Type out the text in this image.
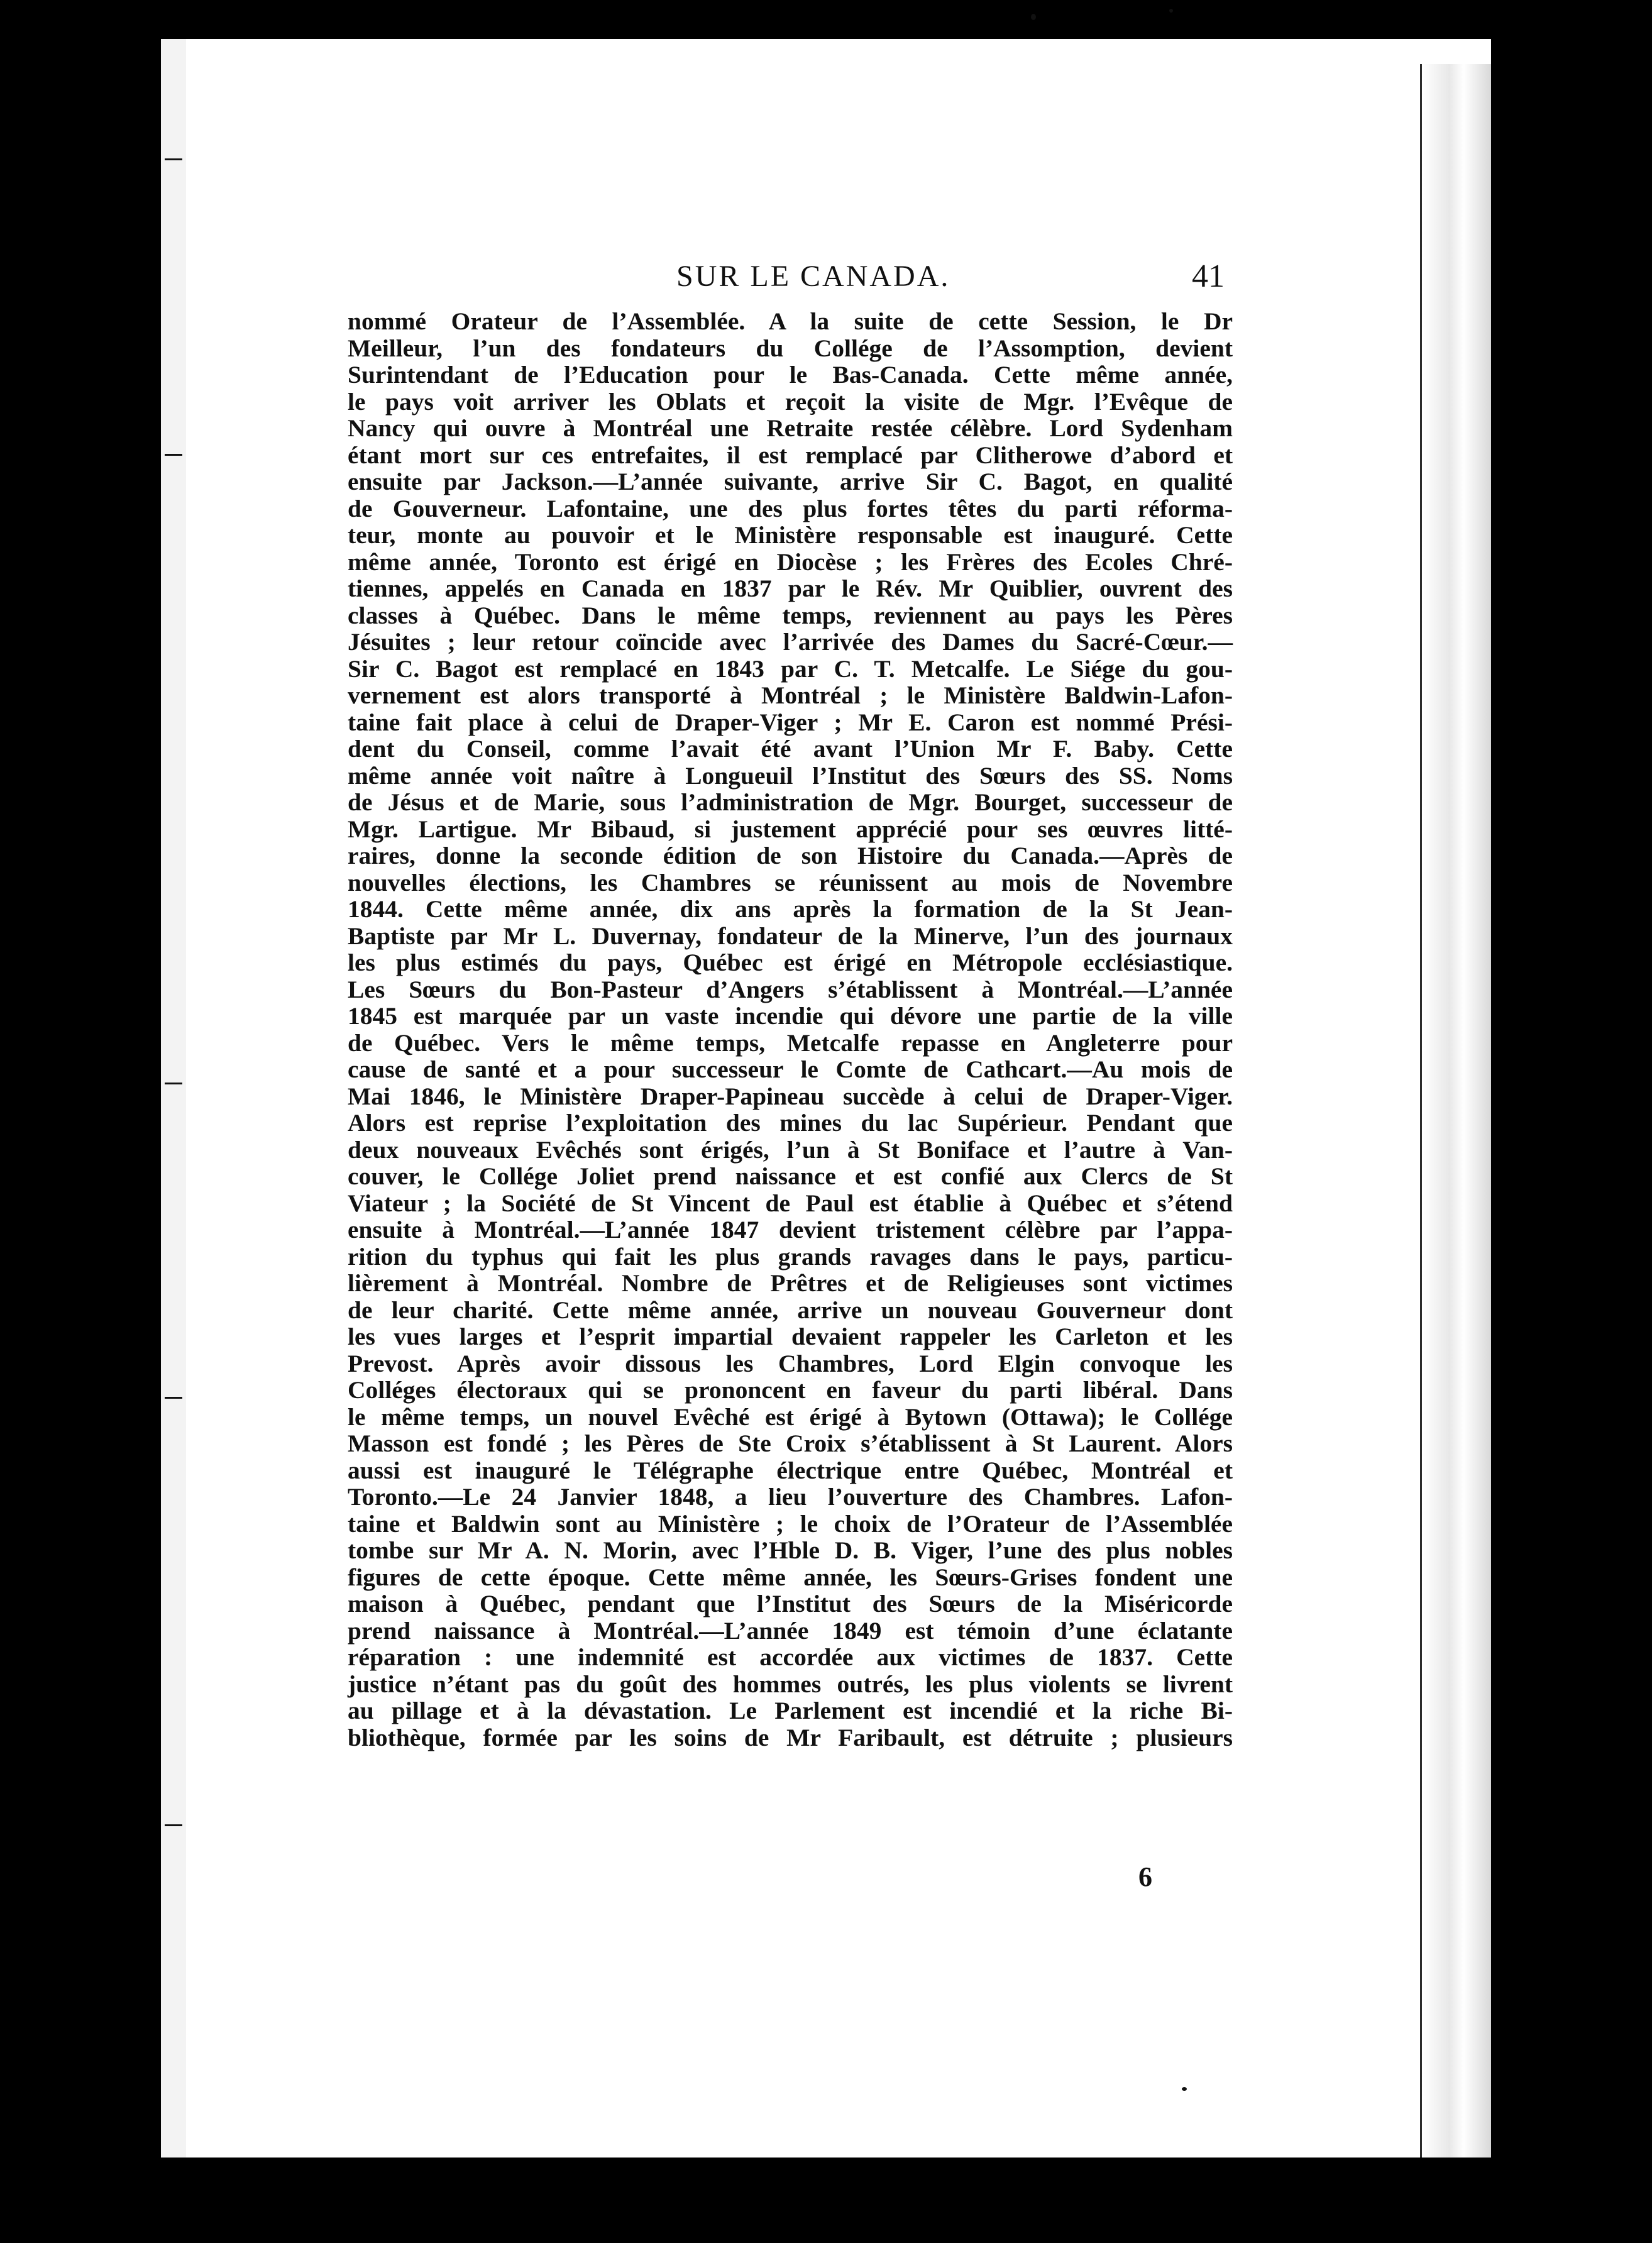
SUR LE CANADA.	41
nommé Orateur de l’Assemblée. A la suite de cette Session, le Dr
Meilleur, l’un des fondateurs du Collége de l’Assomption, devient
Surintendant de l’Education pour le Bas-Canada. Cette même année,
le pays voit arriver les Oblats et reçoit la visite de Mgr. l’Evêque de
Nancy qui ouvre à Montréal une Retraite restée célèbre. Lord Sydenham
étant mort sur ces entrefaites, il est remplacé par Clitherowe d’abord et
ensuite par Jackson.—L’année suivante, arrive Sir C. Bagot, en qualité
de Gouverneur. Lafontaine, une des plus fortes têtes du parti réforma-
teur, monte au pouvoir et le Ministère responsable est inauguré. Cette
même année, Toronto est érigé en Diocèse ; les Frères des Ecoles Chré-
tiennes, appelés en Canada en 1837 par le Rév. Mr Quiblier, ouvrent des
classes à Québec. Dans le même temps, reviennent au pays les Pères
Jésuites ; leur retour coïncide avec l’arrivée des Dames du Sacré-Cœur.—
Sir C. Bagot est remplacé en 1843 par C. T. Metcalfe. Le Siége du gou-
vernement est alors transporté à Montréal ; le Ministère Baldwin-Lafon-
taine fait place à celui de Draper-Viger ; Mr E. Caron est nommé Prési-
dent du Conseil, comme l’avait été avant l’Union Mr F. Baby. Cette
même année voit naître à Longueuil l’Institut des Sœurs des SS. Noms
de Jésus et de Marie, sous l’administration de Mgr. Bourget, successeur de
Mgr. Lartigue. Mr Bibaud, si justement apprécié pour ses œuvres litté-
raires, donne la seconde édition de son Histoire du Canada.—Après de
nouvelles élections, les Chambres se réunissent au mois de Novembre
1844. Cette même année, dix ans après la formation de la St Jean-
Baptiste par Mr L. Duvernay, fondateur de la Minerve, l’un des journaux
les plus estimés du pays, Québec est érigé en Métropole ecclésiastique.
Les Sœurs du Bon-Pasteur d’Angers s’établissent à Montréal.—L’année
1845 est marquée par un vaste incendie qui dévore une partie de la ville
de Québec. Vers le même temps, Metcalfe repasse en Angleterre pour
cause de santé et a pour successeur le Comte de Cathcart.—Au mois de
Mai 1846, le Ministère Draper-Papineau succède à celui de Draper-Viger.
Alors est reprise l’exploitation des mines du lac Supérieur. Pendant que
deux nouveaux Evêchés sont érigés, l’un à St Boniface et l’autre à Van-
couver, le Collége Joliet prend naissance et est confié aux Clercs de St
Viateur ; la Société de St Vincent de Paul est établie à Québec et s’étend
ensuite à Montréal.—L’année 1847 devient tristement célèbre par l’appa-
rition du typhus qui fait les plus grands ravages dans le pays, particu-
lièrement à Montréal. Nombre de Prêtres et de Religieuses sont victimes
de leur charité. Cette même année, arrive un nouveau Gouverneur dont
les vues larges et l’esprit impartial devaient rappeler les Carleton et les
Prevost. Après avoir dissous les Chambres, Lord Elgin convoque les
Colléges électoraux qui se prononcent en faveur du parti libéral. Dans
le même temps, un nouvel Evêché est érigé à Bytown (Ottawa); le Collége
Masson est fondé ; les Pères de Ste Croix s’établissent à St Laurent. Alors
aussi est inauguré le Télégraphe électrique entre Québec, Montréal et
Toronto.—Le 24 Janvier 1848, a lieu l’ouverture des Chambres. Lafon-
taine et Baldwin sont au Ministère ; le choix de l’Orateur de l’Assemblée
tombe sur Mr A. N. Morin, avec l’Hble D. B. Viger, l’une des plus nobles
figures de cette époque. Cette même année, les Sœurs-Grises fondent une
maison à Québec, pendant que l’Institut des Sœurs de la Miséricorde
prend naissance à Montréal.—L’année 1849 est témoin d’une éclatante
réparation : une indemnité est accordée aux victimes de 1837. Cette
justice n’étant pas du goût des hommes outrés, les plus violents se livrent
au pillage et à la dévastation. Le Parlement est incendié et la riche Bi-
bliothèque, formée par les soins de Mr Faribault, est détruite ; plusieurs
6
